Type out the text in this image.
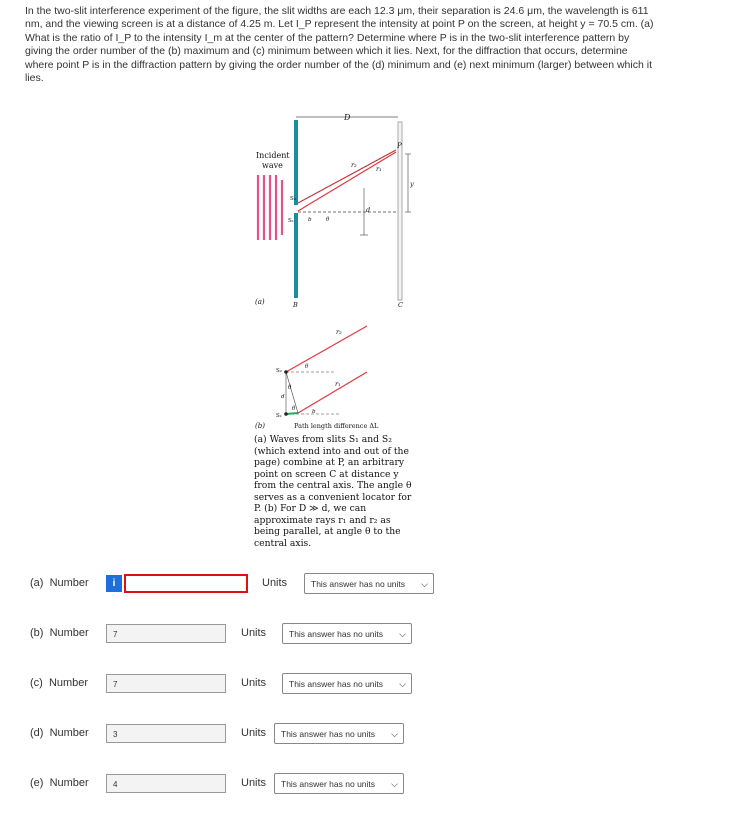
In the two-slit interference experiment of the figure, the slit widths are each 12.3 μm, their separation is 24.6 μm, the wavelength is 611 nm, and the viewing screen is at a distance of 4.25 m. Let I_P represent the intensity at point P on the screen, at height y = 70.5 cm. (a) What is the ratio of I_P to the intensity I_m at the center of the pattern? Determine where P is in the two-slit interference pattern by giving the order number of the (b) maximum and (c) minimum between which it lies. Next, for the diffraction that occurs, determine where point P is in the diffraction pattern by giving the order number of the (d) minimum and (e) next minimum (larger) between which it lies.
Incident
wave
D
P
r₂	r₁
y
d
S₂
S₁	b	θ
(a)	B	C
r₂
r₁
S₂
S₁
θ
θ
θ
d
b
(b)	Path length difference ΔL
(a) Waves from slits S₁ and S₂ (which extend into and out of the page) combine at P, an arbitrary point on screen C at distance y from the central axis. The angle θ serves as a convenient locator for P. (b) For D ≫ d, we can approximate rays r₁ and r₂ as being parallel, at angle θ to the central axis.
(a) Number	i	Units	This answer has no units ⌵
(b) Number	7	Units	This answer has no units ⌵
(c) Number	7	Units	This answer has no units ⌵
(d) Number	3	Units	This answer has no units ⌵
(e) Number	4	Units	This answer has no units ⌵
